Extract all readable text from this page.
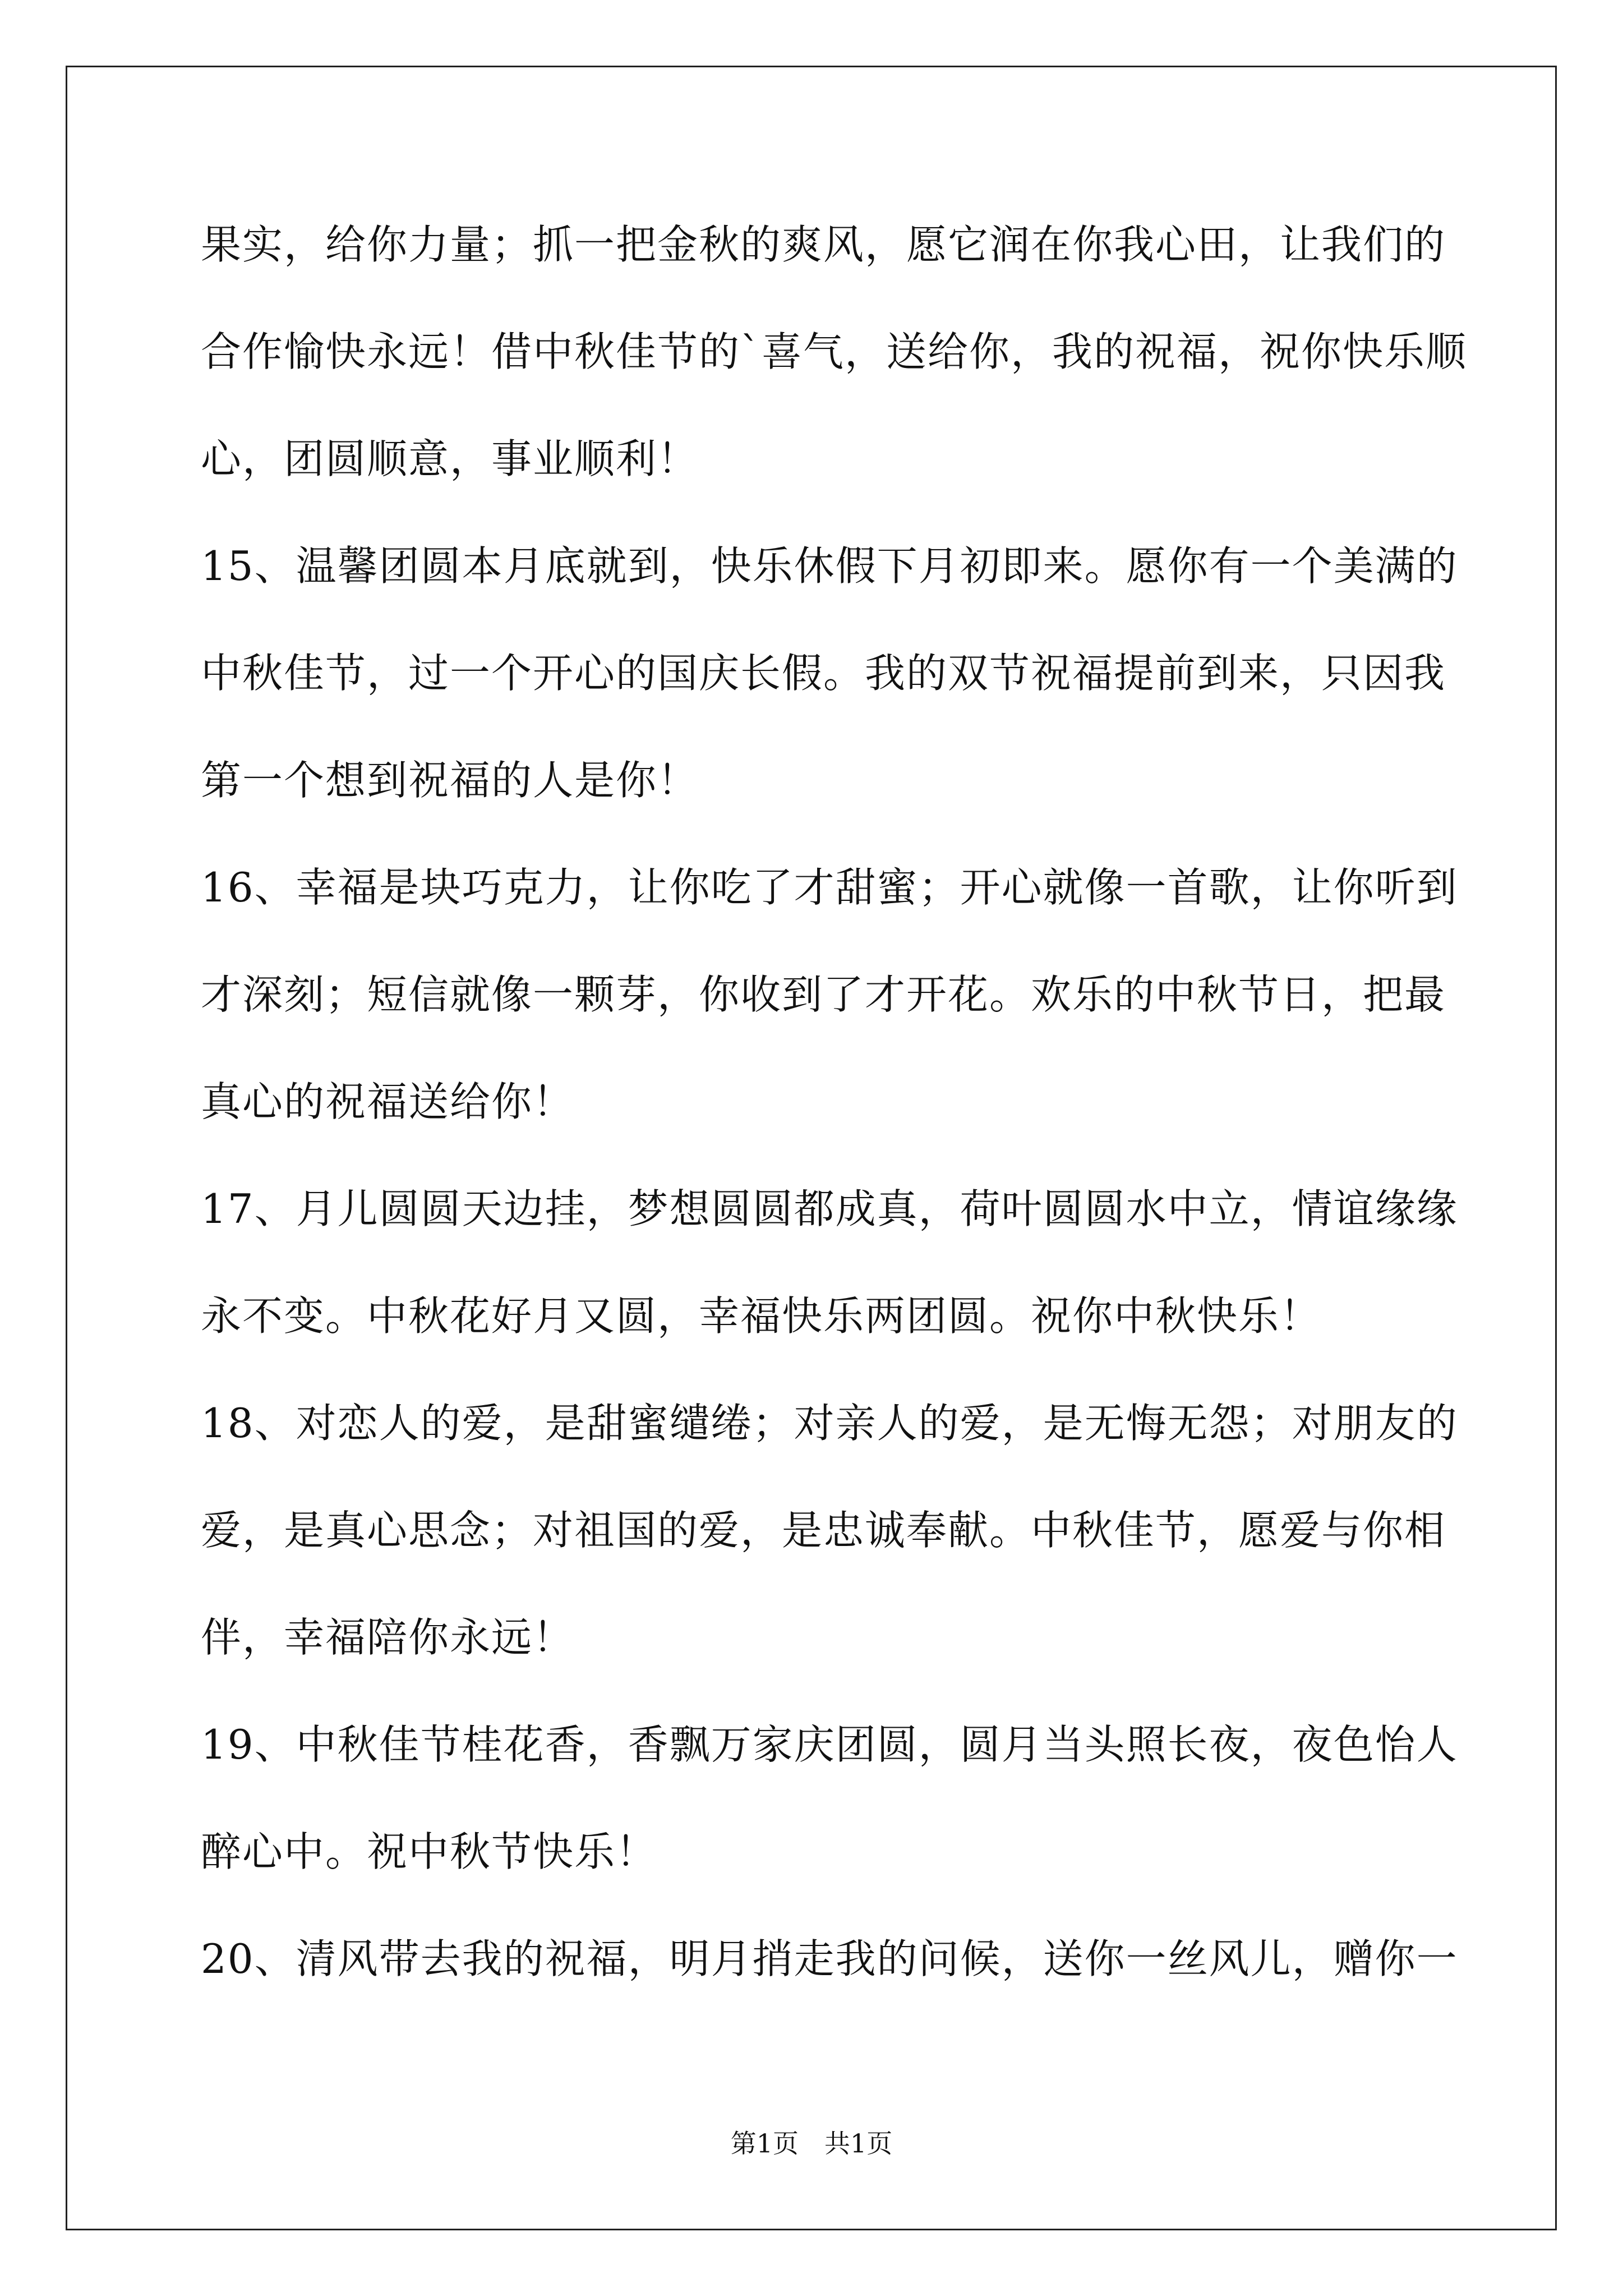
果实，给你力量；抓一把金秋的爽风，愿它润在你我心田，让我们的
合作愉快永远！借中秋佳节的`喜气，送给你，我的祝福，祝你快乐顺
心，团圆顺意，事业顺利！
15、温馨团圆本月底就到，快乐休假下月初即来。愿你有一个美满的
中秋佳节，过一个开心的国庆长假。我的双节祝福提前到来，只因我
第一个想到祝福的人是你！
16、幸福是块巧克力，让你吃了才甜蜜；开心就像一首歌，让你听到
才深刻；短信就像一颗芽，你收到了才开花。欢乐的中秋节日，把最
真心的祝福送给你！
17、月儿圆圆天边挂，梦想圆圆都成真，荷叶圆圆水中立，情谊缘缘
永不变。中秋花好月又圆，幸福快乐两团圆。祝你中秋快乐！
18、对恋人的爱，是甜蜜缱绻；对亲人的爱，是无悔无怨；对朋友的
爱，是真心思念；对祖国的爱，是忠诚奉献。中秋佳节，愿爱与你相
伴，幸福陪你永远！
19、中秋佳节桂花香，香飘万家庆团圆，圆月当头照长夜，夜色怡人
醉心中。祝中秋节快乐！
20、清风带去我的祝福，明月捎走我的问候，送你一丝风儿，赠你一
第1页　共1页
